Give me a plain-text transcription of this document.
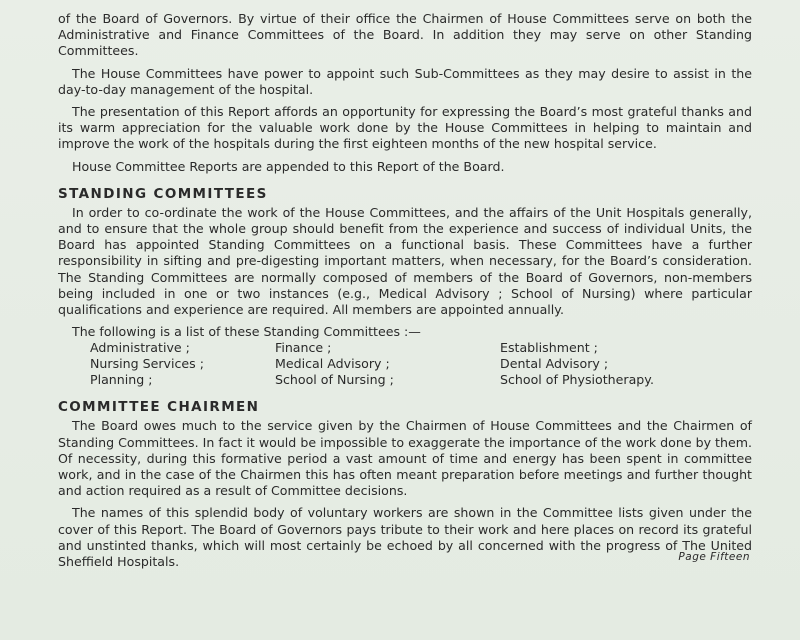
of the Board of Governors. By virtue of their office the Chairmen of House Committees serve on both the Administrative and Finance Committees of the Board. In addition they may serve on other Standing Committees.

The House Committees have power to appoint such Sub-Committees as they may desire to assist in the day-to-day management of the hospital.

The presentation of this Report affords an opportunity for expressing the Board’s most grateful thanks and its warm appreciation for the valuable work done by the House Committees in helping to maintain and improve the work of the hospitals during the first eighteen months of the new hospital service.

House Committee Reports are appended to this Report of the Board.

STANDING COMMITTEES

In order to co-ordinate the work of the House Committees, and the affairs of the Unit Hospitals generally, and to ensure that the whole group should benefit from the experience and success of individual Units, the Board has appointed Standing Committees on a functional basis. These Committees have a further responsibility in sifting and pre-digesting important matters, when necessary, for the Board’s consideration. The Standing Committees are normally composed of members of the Board of Governors, non-members being included in one or two instances (e.g., Medical Advisory ; School of Nursing) where particular qualifications and experience are required. All members are appointed annually.

The following is a list of these Standing Committees :—

Administrative ;	Finance ;	Establishment ;
Nursing Services ;	Medical Advisory ;	Dental Advisory ;
Planning ;	School of Nursing ;	School of Physiotherapy.
COMMITTEE CHAIRMEN

The Board owes much to the service given by the Chairmen of House Committees and the Chairmen of Standing Committees. In fact it would be impossible to exaggerate the importance of the work done by them. Of necessity, during this formative period a vast amount of time and energy has been spent in committee work, and in the case of the Chairmen this has often meant preparation before meetings and further thought and action required as a result of Committee decisions.

The names of this splendid body of voluntary workers are shown in the Committee lists given under the cover of this Report. The Board of Governors pays tribute to their work and here places on record its grateful and unstinted thanks, which will most certainly be echoed by all concerned with the progress of The United Sheffield Hospitals.	Page Fifteen
